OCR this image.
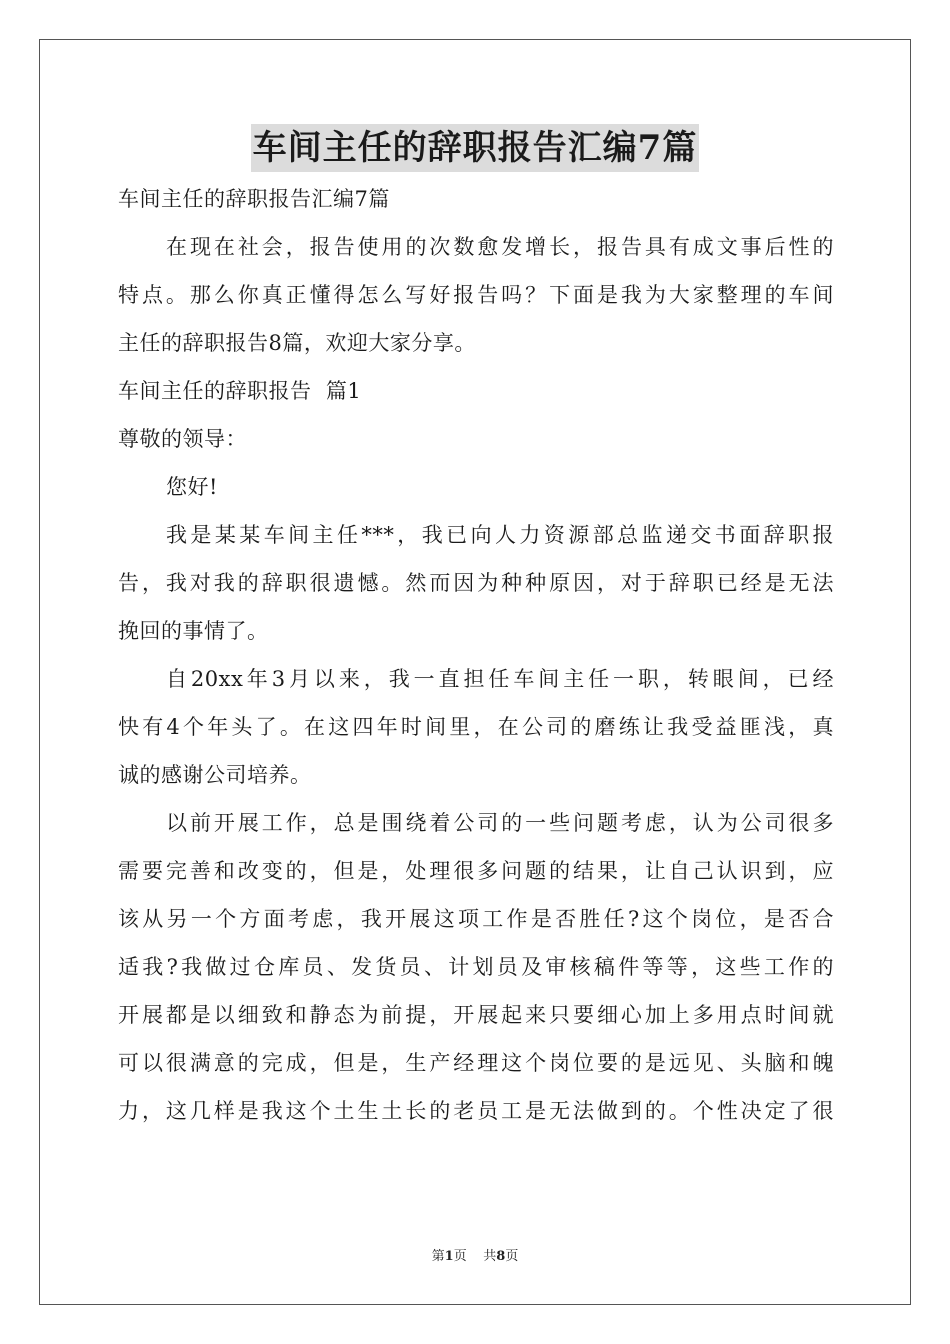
车间主任的辞职报告汇编7篇

车间主任的辞职报告汇编7篇

在现在社会，报告使用的次数愈发增长，报告具有成文事后性的

特点。那么你真正懂得怎么写好报告吗？下面是我为大家整理的车间

主任的辞职报告8篇，欢迎大家分享。

车间主任的辞职报告  篇1

尊敬的领导：

您好!

我是某某车间主任***，我已向人力资源部总监递交书面辞职报

告，我对我的辞职很遗憾。然而因为种种原因，对于辞职已经是无法

挽回的事情了。

自20xx年3月以来，我一直担任车间主任一职，转眼间，已经

快有4个年头了。在这四年时间里，在公司的磨练让我受益匪浅，真

诚的感谢公司培养。

以前开展工作，总是围绕着公司的一些问题考虑，认为公司很多

需要完善和改变的，但是，处理很多问题的结果，让自己认识到，应

该从另一个方面考虑，我开展这项工作是否胜任?这个岗位，是否合

适我?我做过仓库员、发货员、计划员及审核稿件等等，这些工作的

开展都是以细致和静态为前提，开展起来只要细心加上多用点时间就

可以很满意的完成，但是，生产经理这个岗位要的是远见、头脑和魄

力，这几样是我这个土生土长的老员工是无法做到的。个性决定了很

第1页 共8页
